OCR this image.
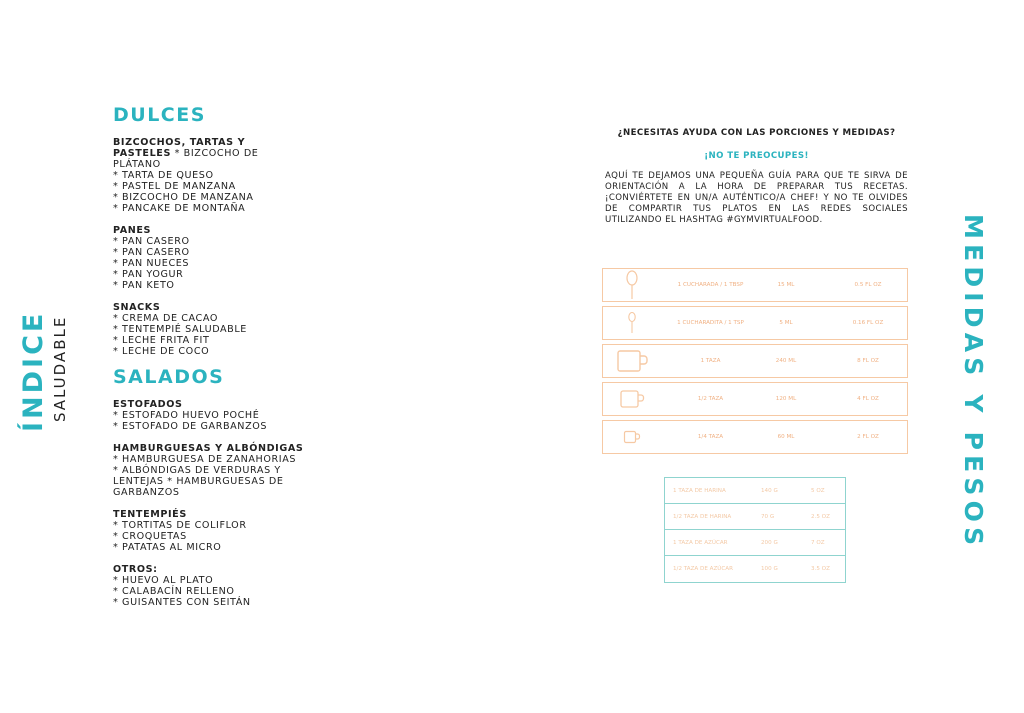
ÍNDICE SALUDABLE
DULCES
BIZCOCHOS, TARTAS Y
PASTELES * BIZCOCHO DE
PLÁTANO
* TARTA DE QUESO
* PASTEL DE MANZANA
* BIZCOCHO DE MANZANA
* PANCAKE DE MONTAÑA
PANES
* PAN CASERO
* PAN CASERO
* PAN NUECES
* PAN YOGUR
* PAN KETO
SNACKS
* CREMA DE CACAO
* TENTEMPIÉ SALUDABLE
* LECHE FRITA FIT
* LECHE DE COCO
SALADOS
ESTOFADOS
* ESTOFADO HUEVO POCHÉ
* ESTOFADO DE GARBANZOS
HAMBURGUESAS Y ALBÓNDIGAS
* HAMBURGUESA DE ZANAHORIAS
* ALBÓNDIGAS DE VERDURAS Y
LENTEJAS * HAMBURGUESAS DE
GARBANZOS
TENTEMPIÉS
* TORTITAS DE COLIFLOR
* CROQUETAS
* PATATAS AL MICRO
OTROS:
* HUEVO AL PLATO
* CALABACÍN RELLENO
* GUISANTES CON SEITÁN
¿NECESITAS AYUDA CON LAS PORCIONES Y MEDIDAS?
¡NO TE PREOCUPES!
AQUÍ TE DEJAMOS UNA PEQUEÑA GUÍA PARA QUE TE SIRVA DE ORIENTACIÓN A LA HORA DE PREPARAR TUS RECETAS. ¡CONVIÉRTETE EN UN/A AUTÉNTICO/A CHEF! Y NO TE OLVIDES DE COMPARTIR TUS PLATOS EN LAS REDES SOCIALES UTILIZANDO EL HASHTAG #GYMVIRTUALFOOD.	MEDIDAS Y PESOS
1 CUCHARADA / 1 TBSP	15 ML	0.5 FL OZ
1 CUCHARADITA / 1 TSP	5 ML	0.16 FL OZ
1 TAZA	240 ML	8 FL OZ
1/2 TAZA	120 ML	4 FL OZ
1/4 TAZA	60 ML	2 FL OZ
1 TAZA DE HARINA	140 G	5 OZ
1/2 TAZA DE HARINA	70 G	2.5 OZ
1 TAZA DE AZÚCAR	200 G	7 OZ
1/2 TAZA DE AZÚCAR	100 G	3.5 OZ
